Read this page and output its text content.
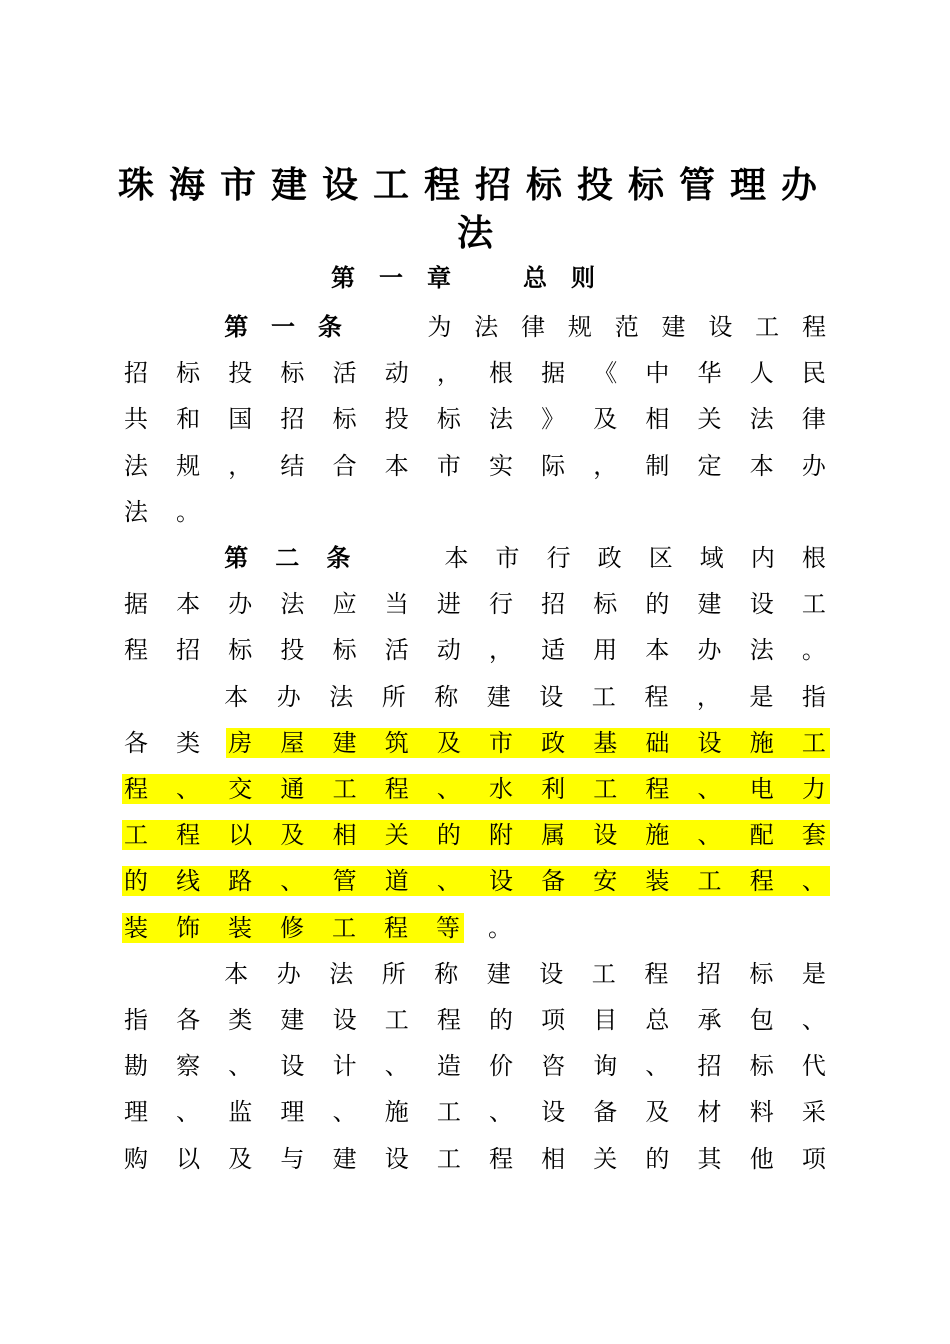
珠海市建设工程招标投标管理办
法
第一章 总则
第 一 条	为 法 律 规 范 建 设 工 程
招 标 投 标 活 动 ， 根 据 《 中 华 人 民
共 和 国 招 标 投 标 法 》 及 相 关 法 律
法 规 ， 结 合 本 市 实 际 ， 制 定 本 办
法 。
第 二 条	本 市 行 政 区 域 内 根
据 本 办 法 应 当 进 行 招 标 的 建 设 工
程 招 标 投 标 活 动 ， 适 用 本 办 法 。
本 办 法 所 称 建 设 工 程 ， 是 指
各 类 房 屋 建 筑 及 市 政 基 础 设 施 工
程 、 交 通 工 程 、 水 利 工 程 、 电 力
工 程 以 及 相 关 的 附 属 设 施 、 配 套
的 线 路 、 管 道 、 设 备 安 装 工 程 、
装 饰 装 修 工 程 等 。
本 办 法 所 称 建 设 工 程 招 标 是
指 各 类 建 设 工 程 的 项 目 总 承 包 、
勘 察 、 设 计 、 造 价 咨 询 、 招 标 代
理 、 监 理 、 施 工 、 设 备 及 材 料 采
购 以 及 与 建 设 工 程 相 关 的 其 他 项
